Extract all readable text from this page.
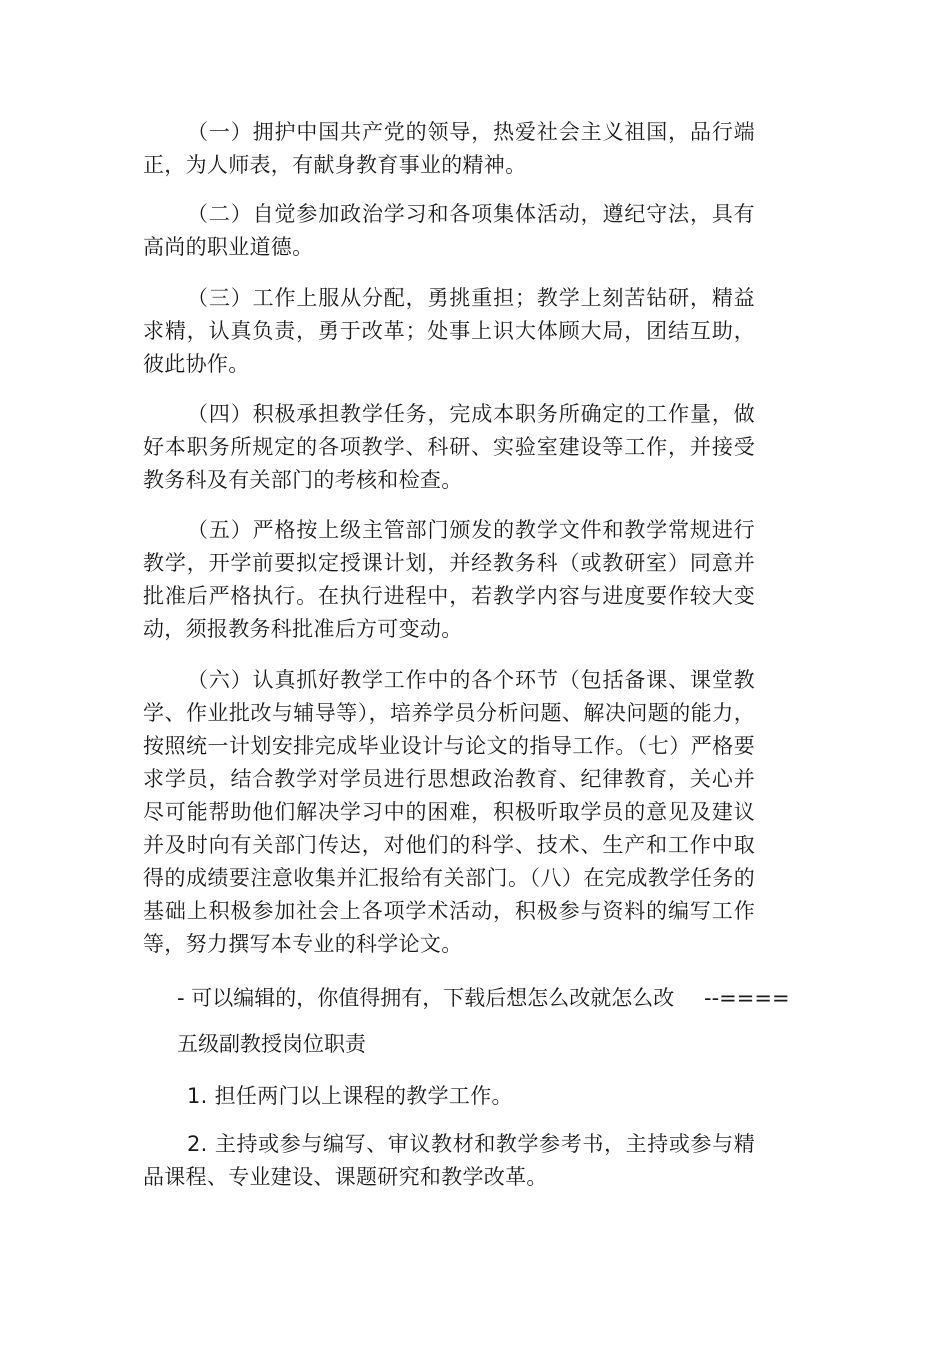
（一）拥护中国共产党的领导，热爱社会主义祖国，品行端正，为人师表，有献身教育事业的精神。

（二）自觉参加政治学习和各项集体活动，遵纪守法，具有高尚的职业道德。

（三）工作上服从分配，勇挑重担；教学上刻苦钻研，精益求精，认真负责，勇于改革；处事上识大体顾大局，团结互助，彼此协作。

（四）积极承担教学任务，完成本职务所确定的工作量，做好本职务所规定的各项教学、科研、实验室建设等工作，并接受教务科及有关部门的考核和检查。

（五）严格按上级主管部门颁发的教学文件和教学常规进行教学，开学前要拟定授课计划，并经教务科（或教研室）同意并批准后严格执行。在执行进程中，若教学内容与进度要作较大变动，须报教务科批准后方可变动。

（六）认真抓好教学工作中的各个环节（包括备课、课堂教学、作业批改与辅导等），培养学员分析问题、解决问题的能力，按照统一计划安排完成毕业设计与论文的指导工作。（七）严格要求学员，结合教学对学员进行思想政治教育、纪律教育，关心并尽可能帮助他们解决学习中的困难，积极听取学员的意见及建议并及时向有关部门传达，对他们的科学、技术、生产和工作中取得的成绩要注意收集并汇报给有关部门。（八）在完成教学任务的基础上积极参加社会上各项学术活动，积极参与资料的编写工作等，努力撰写本专业的科学论文。

- 可以编辑的，你值得拥有，下载后想怎么改就怎么改 --====

五级副教授岗位职责

1. 担任两门以上课程的教学工作。

2. 主持或参与编写、审议教材和教学参考书，主持或参与精品课程、专业建设、课题研究和教学改革。
